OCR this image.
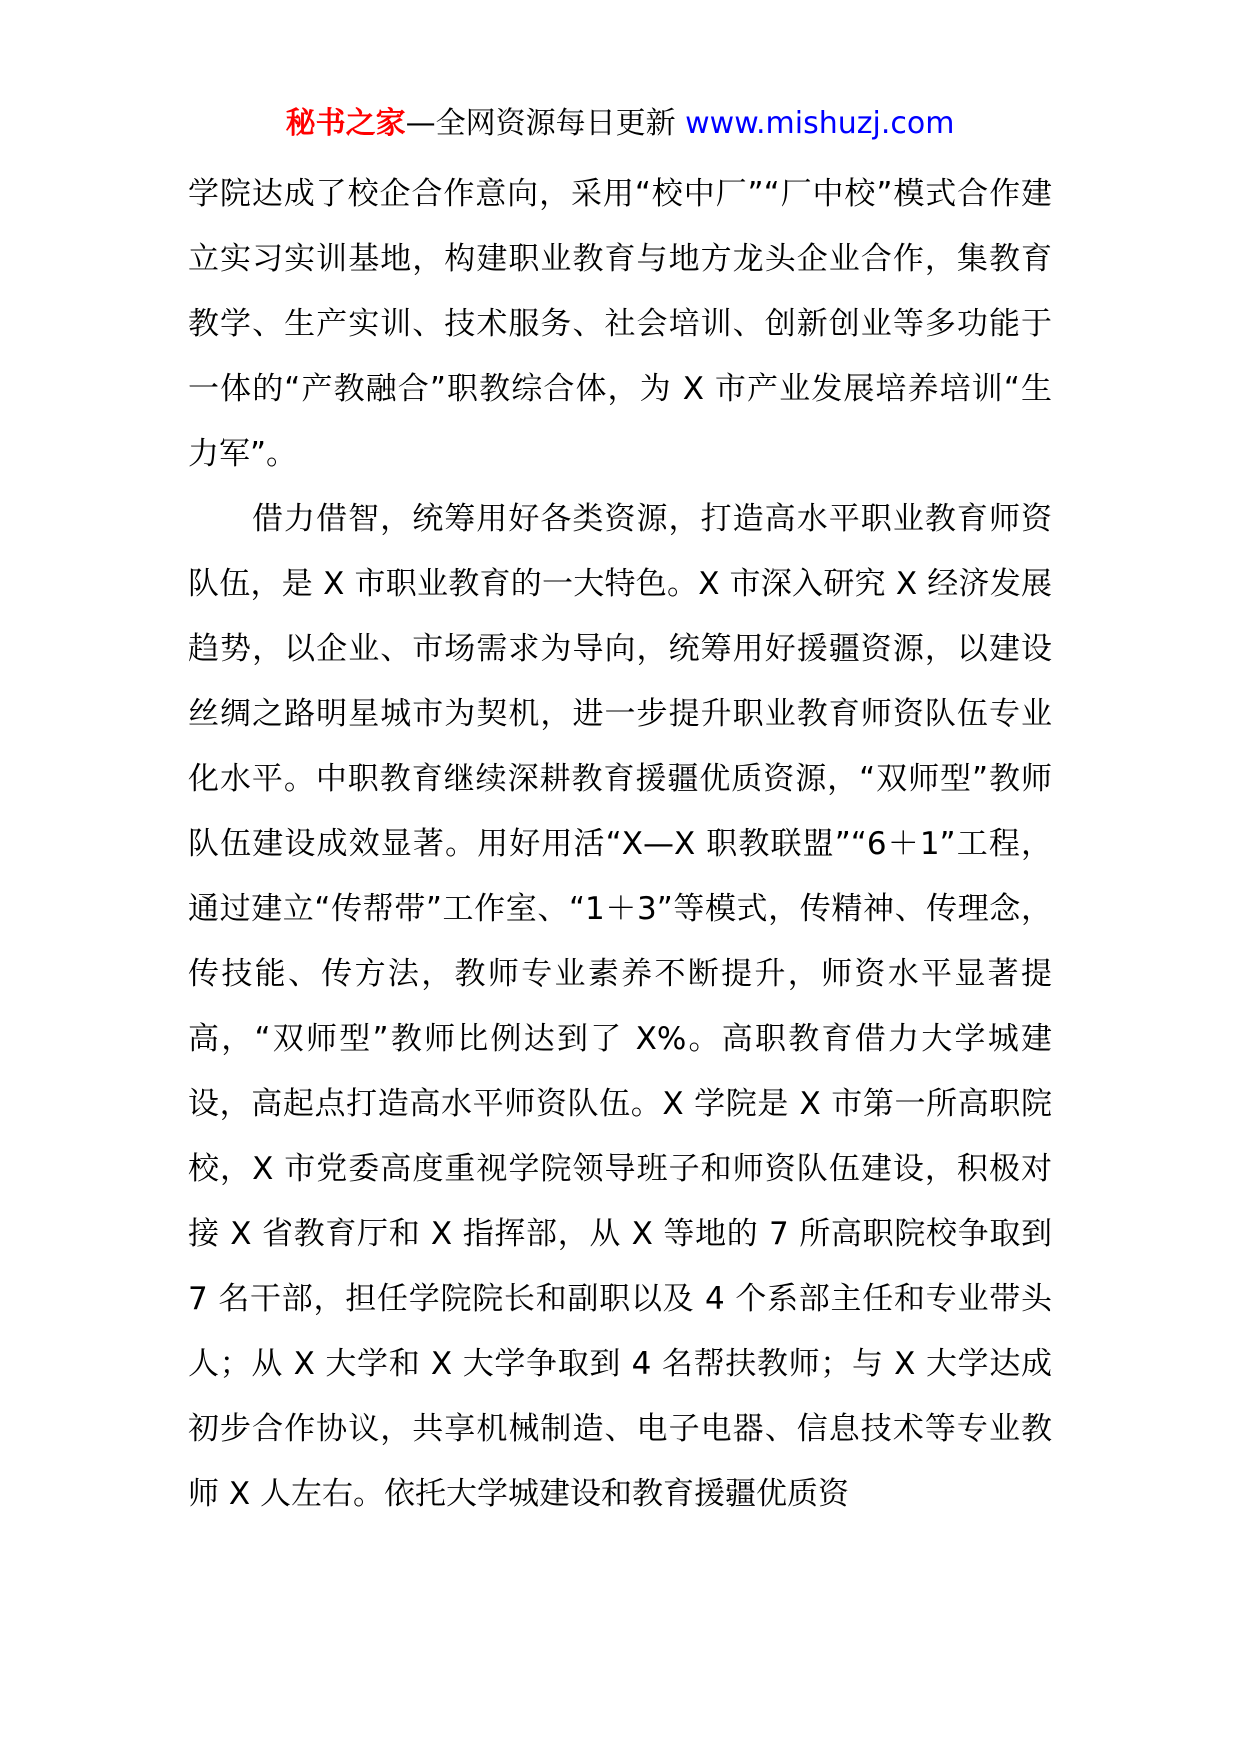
秘书之家—全网资源每日更新 www.mishuzj.com

学院达成了校企合作意向，采用“校中厂”“厂中校”模式合作建立实习实训基地，构建职业教育与地方龙头企业合作，集教育教学、生产实训、技术服务、社会培训、创新创业等多功能于一体的“产教融合”职教综合体，为 X 市产业发展培养培训“生力军”。

借力借智，统筹用好各类资源，打造高水平职业教育师资队伍，是 X 市职业教育的一大特色。X 市深入研究 X 经济发展趋势，以企业、市场需求为导向，统筹用好援疆资源，以建设丝绸之路明星城市为契机，进一步提升职业教育师资队伍专业化水平。中职教育继续深耕教育援疆优质资源，“双师型”教师队伍建设成效显著。用好用活“X—X 职教联盟”“6＋1”工程，通过建立“传帮带”工作室、“1＋3”等模式，传精神、传理念，传技能、传方法，教师专业素养不断提升，师资水平显著提高，“双师型”教师比例达到了 X%。高职教育借力大学城建设，高起点打造高水平师资队伍。X 学院是 X 市第一所高职院校，X 市党委高度重视学院领导班子和师资队伍建设，积极对接 X 省教育厅和 X 指挥部，从 X 等地的 7 所高职院校争取到 7 名干部，担任学院院长和副职以及 4 个系部主任和专业带头人；从 X 大学和 X 大学争取到 4 名帮扶教师；与 X 大学达成初步合作协议，共享机械制造、电子电器、信息技术等专业教师 X 人左右。依托大学城建设和教育援疆优质资
